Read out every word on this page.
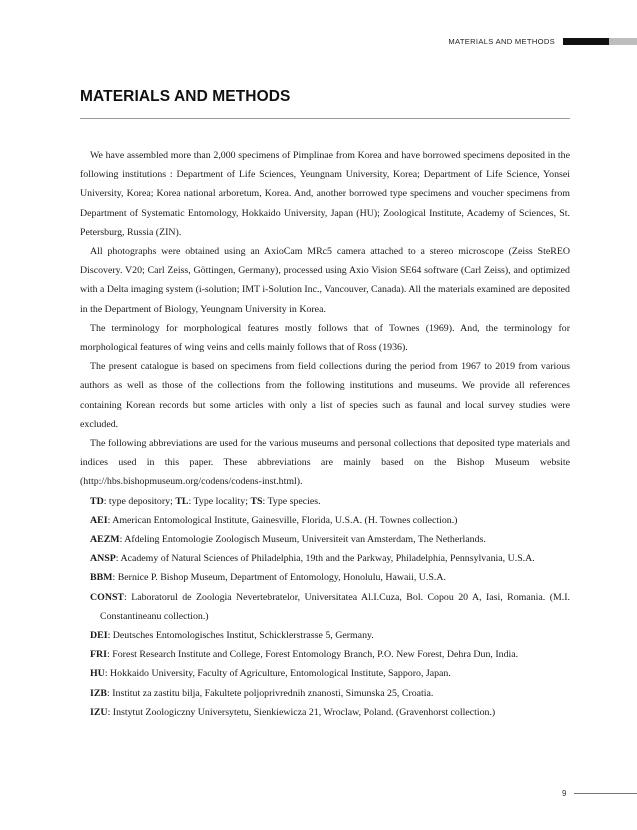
MATERIALS AND METHODS
MATERIALS AND METHODS

We have assembled more than 2,000 specimens of Pimplinae from Korea and have borrowed specimens deposited in the following institutions : Department of Life Sciences, Yeungnam University, Korea; Department of Life Science, Yonsei University, Korea; Korea national arboretum, Korea. And, another borrowed type specimens and voucher specimens from Department of Systematic Entomology, Hokkaido University, Japan (HU); Zoological Institute, Academy of Sciences, St. Petersburg, Russia (ZIN).

All photographs were obtained using an AxioCam MRc5 camera attached to a stereo microscope (Zeiss SteREO Discovery. V20; Carl Zeiss, Göttingen, Germany), processed using Axio Vision SE64 software (Carl Zeiss), and optimized with a Delta imaging system (i-solution; IMT i-Solution Inc., Vancouver, Canada). All the materials examined are deposited in the Department of Biology, Yeungnam University in Korea.

The terminology for morphological features mostly follows that of Townes (1969). And, the terminology for morphological features of wing veins and cells mainly follows that of Ross (1936).

The present catalogue is based on specimens from field collections during the period from 1967 to 2019 from various authors as well as those of the collections from the following institutions and museums. We provide all references containing Korean records but some articles with only a list of species such as faunal and local survey studies were excluded.

The following abbreviations are used for the various museums and personal collections that deposited type materials and indices used in this paper. These abbreviations are mainly based on the Bishop Museum website (http://hbs.bishopmuseum.org/codens/codens-inst.html).

TD: type depository; TL: Type locality; TS: Type species.
AEI: American Entomological Institute, Gainesville, Florida, U.S.A. (H. Townes collection.)
AEZM: Afdeling Entomologie Zoologisch Museum, Universiteit van Amsterdam, The Netherlands.
ANSP: Academy of Natural Sciences of Philadelphia, 19th and the Parkway, Philadelphia, Pennsylvania, U.S.A.
BBM: Bernice P. Bishop Museum, Department of Entomology, Honolulu, Hawaii, U.S.A.
CONST: Laboratorul de Zoologia Nevertebratelor, Universitatea Al.I.Cuza, Bol. Copou 20 A, Iasi, Romania. (M.I. Constantineanu collection.)
DEI: Deutsches Entomologisches Institut, Schicklerstrasse 5, Germany.
FRI: Forest Research Institute and College, Forest Entomology Branch, P.O. New Forest, Dehra Dun, India.
HU: Hokkaido University, Faculty of Agriculture, Entomological Institute, Sapporo, Japan.
IZB: Institut za zastitu bilja, Fakultete poljoprivrednih znanosti, Simunska 25, Croatia.
IZU: Instytut Zoologiczny Universytetu, Sienkiewicza 21, Wroclaw, Poland. (Gravenhorst collection.)
9
